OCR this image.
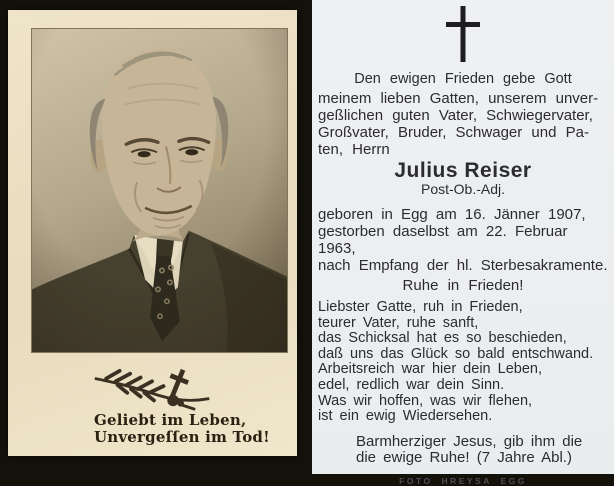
Geliebt im Leben,
Unvergeſſen im Tod!
Den ewigen Frieden gebe Gott
meinem lieben Gatten, unserem unver-
geßlichen guten Vater, Schwiegervater,
Großvater, Bruder, Schwager und Pa-
ten, Herrn
Julius Reiser
Post-Ob.-Adj.
geboren in Egg am 16. Jänner 1907,
gestorben daselbst am 22. Februar 1963,
nach Empfang der hl. Sterbesakramente.
Ruhe in Frieden!
Liebster Gatte, ruh in Frieden,
teurer Vater, ruhe sanft,
das Schicksal hat es so beschieden,
daß uns das Glück so bald entschwand.
Arbeitsreich war hier dein Leben,
edel, redlich war dein Sinn.
Was wir hoffen, was wir flehen,
ist ein ewig Wiedersehen.
Barmherziger Jesus, gib ihm die
die ewige Ruhe! (7 Jahre Abl.)
FOTO HREYSA EGG
